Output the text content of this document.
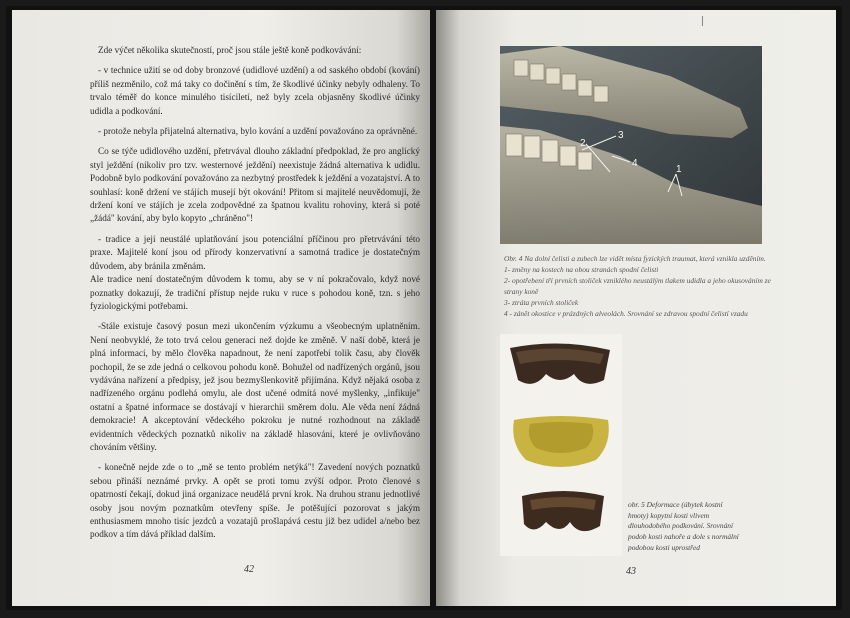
Zde výčet několika skutečností, proč jsou stále ještě koně podkovávání:

- v technice užití se od doby bronzové (udidlové uzdění) a od saského období (kování) příliš nezměnilo, což má taky co dočinění s tím, že škodlivé účinky nebyly odhaleny. To trvalo téměř do konce minulého tisíciletí, než byly zcela objasněny škodlivé účinky udidla a podkování.

- protože nebyla přijatelná alternativa, bylo kování a uzdění považováno za oprávněné.

Co se týče udidlového uzdění, přetrvával dlouho základní předpoklad, že pro anglický styl ježdění (nikoliv pro tzv. westernové ježdění) neexistuje žádná alternativa k udidlu. Podobně bylo podkování považováno za nezbytný prostředek k ježdění a vozatajství. A to souhlasí: koně držení ve stájích musejí být okování! Přitom si majitelé neuvědomují, že držení koní ve stájích je zcela zodpovědné za špatnou kvalitu rohoviny, která si poté „žádá" kování, aby bylo kopyto „chráněno"!

- tradice a její neustálé uplatňování jsou potenciální příčinou pro přetrvávání této praxe. Majitelé koní jsou od přírody konzervativní a samotná tradice je dostatečným důvodem, aby bránila změnám.

Ale tradice není dostatečným důvodem k tomu, aby se v ní pokračovalo, když nové poznatky dokazují, že tradiční přístup nejde ruku v ruce s pohodou koně, tzn. s jeho fyziologickými potřebami.

-Stále existuje časový posun mezi ukončením výzkumu a všeobecným uplatněním. Není neobvyklé, že toto trvá celou generaci než dojde ke změně. V naší době, která je plná informací, by mělo člověka napadnout, že není zapotřebí tolik času, aby člověk pochopil, že se zde jedná o celkovou pohodu koně. Bohužel od nadřízených orgánů, jsou vydávána nařízení a předpisy, jež jsou bezmyšlenkovitě přijímána. Když nějaká osoba z nadřízeného orgánu podlehá omylu, ale dost učené odmítá nové myšlenky, „infikuje" ostatní a špatné informace se dostávají v hierarchii směrem dolu. Ale věda není žádná demokracie! A akceptování vědeckého pokroku je nutné rozhodnout na základě evidentních vědeckých poznatků nikoliv na základě hlasování, které je ovlivňováno chováním většiny.

- konečně nejde zde o to „mě se tento problém netýká"! Zavedení nových poznatků sebou přináší neznámé prvky. A opět se proti tomu zvýší odpor. Proto členové s opatrností čekají, dokud jiná organizace neudělá první krok. Na druhou stranu jednotlivé osoby jsou novým poznatkům otevřeny spíše. Je potěšující pozorovat s jakým enthusiasmem mnoho tisíc jezdců a vozatajů prošlapává cestu již bez udidel a/nebo bez podkov a tím dává příklad dalším.

42
3
2
4
1
Obr. 4 Na dolní čelisti a zubech lze vidět místa fyzických traumat, která vznikla uzděním.
1- změny na kostech na obou stranách spodní čelisti
2- opotřebení tří prvních stoliček vzniklého neustálým tlakem udidla a jeho okusováním ze
strany koně
3- ztráta prvních stoliček
4 - zánět okostice v prázdných alveolách. Srovnání se zdravou spodní čelistí vzadu
obr. 5 Deformace (úbytek kostní
hmoty) kopytní kosti vlivem
dlouhodobého podkování. Srovnání
podob kosti nahoře a dole s normální
podobou kosti uprostřed
43
